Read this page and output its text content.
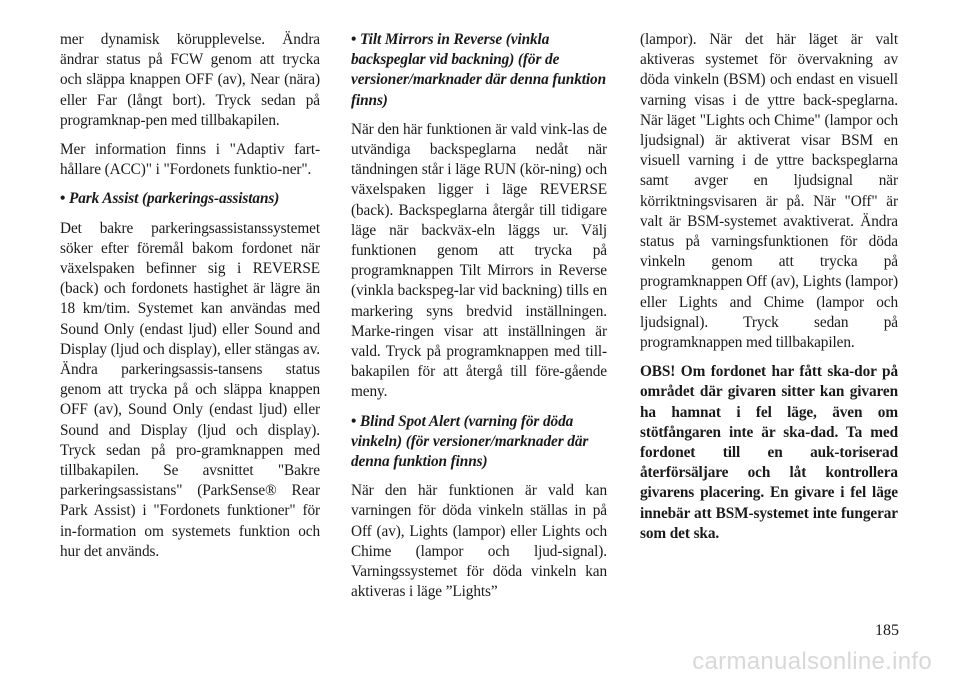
mer dynamisk körupplevelse. Ändra ändrar status på FCW genom att trycka och släppa knappen OFF (av), Near (nära) eller Far (långt bort). Tryck sedan på programknap-pen med tillbakapilen.

Mer information finns i "Adaptiv fart-hållare (ACC)" i "Fordonets funktio-ner".

• Park Assist (parkerings-assistans)

Det bakre parkeringsassistanssystemet söker efter föremål bakom fordonet när växelspaken befinner sig i REVERSE (back) och fordonets hastighet är lägre än 18 km/tim. Systemet kan användas med Sound Only (endast ljud) eller Sound and Display (ljud och display), eller stängas av. Ändra parkeringsassis-tansens status genom att trycka på och släppa knappen OFF (av), Sound Only (endast ljud) eller Sound and Display (ljud och display). Tryck sedan på pro-gramknappen med tillbakapilen. Se avsnittet "Bakre parkeringsassistans" (ParkSense® Rear Park Assist) i "Fordonets funktioner" för in-formation om systemets funktion och hur det används.

• Tilt Mirrors in Reverse (vinkla backspeglar vid backning) (för de versioner/marknader där denna funktion finns)

När den här funktionen är vald vink-las de utvändiga backspeglarna nedåt när tändningen står i läge RUN (kör-ning) och växelspaken ligger i läge REVERSE (back). Backspeglarna återgår till tidigare läge när backväx-eln läggs ur. Välj funktionen genom att trycka på programknappen Tilt Mirrors in Reverse (vinkla backspeg-lar vid backning) tills en markering syns bredvid inställningen. Marke-ringen visar att inställningen är vald. Tryck på programknappen med till-bakapilen för att återgå till före-gående meny.

• Blind Spot Alert (varning för döda vinkeln) (för versioner/marknader där denna funktion finns)

När den här funktionen är vald kan varningen för döda vinkeln ställas in på Off (av), Lights (lampor) eller Lights och Chime (lampor och ljud-signal). Varningssystemet för döda vinkeln kan aktiveras i läge ”Lights”

(lampor). När det här läget är valt aktiveras systemet för övervakning av döda vinkeln (BSM) och endast en visuell varning visas i de yttre back-speglarna. När läget "Lights och Chime" (lampor och ljudsignal) är aktiverat visar BSM en visuell varning i de yttre backspeglarna samt avger en ljudsignal när körriktningsvisaren är på. När "Off" är valt är BSM-systemet avaktiverat. Ändra status på varningsfunktionen för döda vinkeln genom att trycka på programknappen Off (av), Lights (lampor) eller Lights and Chime (lampor och ljudsignal). Tryck sedan på programknappen med tillbakapilen.

OBS! Om fordonet har fått ska-dor på området där givaren sitter kan givaren ha hamnat i fel läge, även om stötfångaren inte är ska-dad. Ta med fordonet till en auk-toriserad återförsäljare och låt kontrollera givarens placering. En givare i fel läge innebär att BSM-systemet inte fungerar som det ska.

185
carmanualsonline.info
